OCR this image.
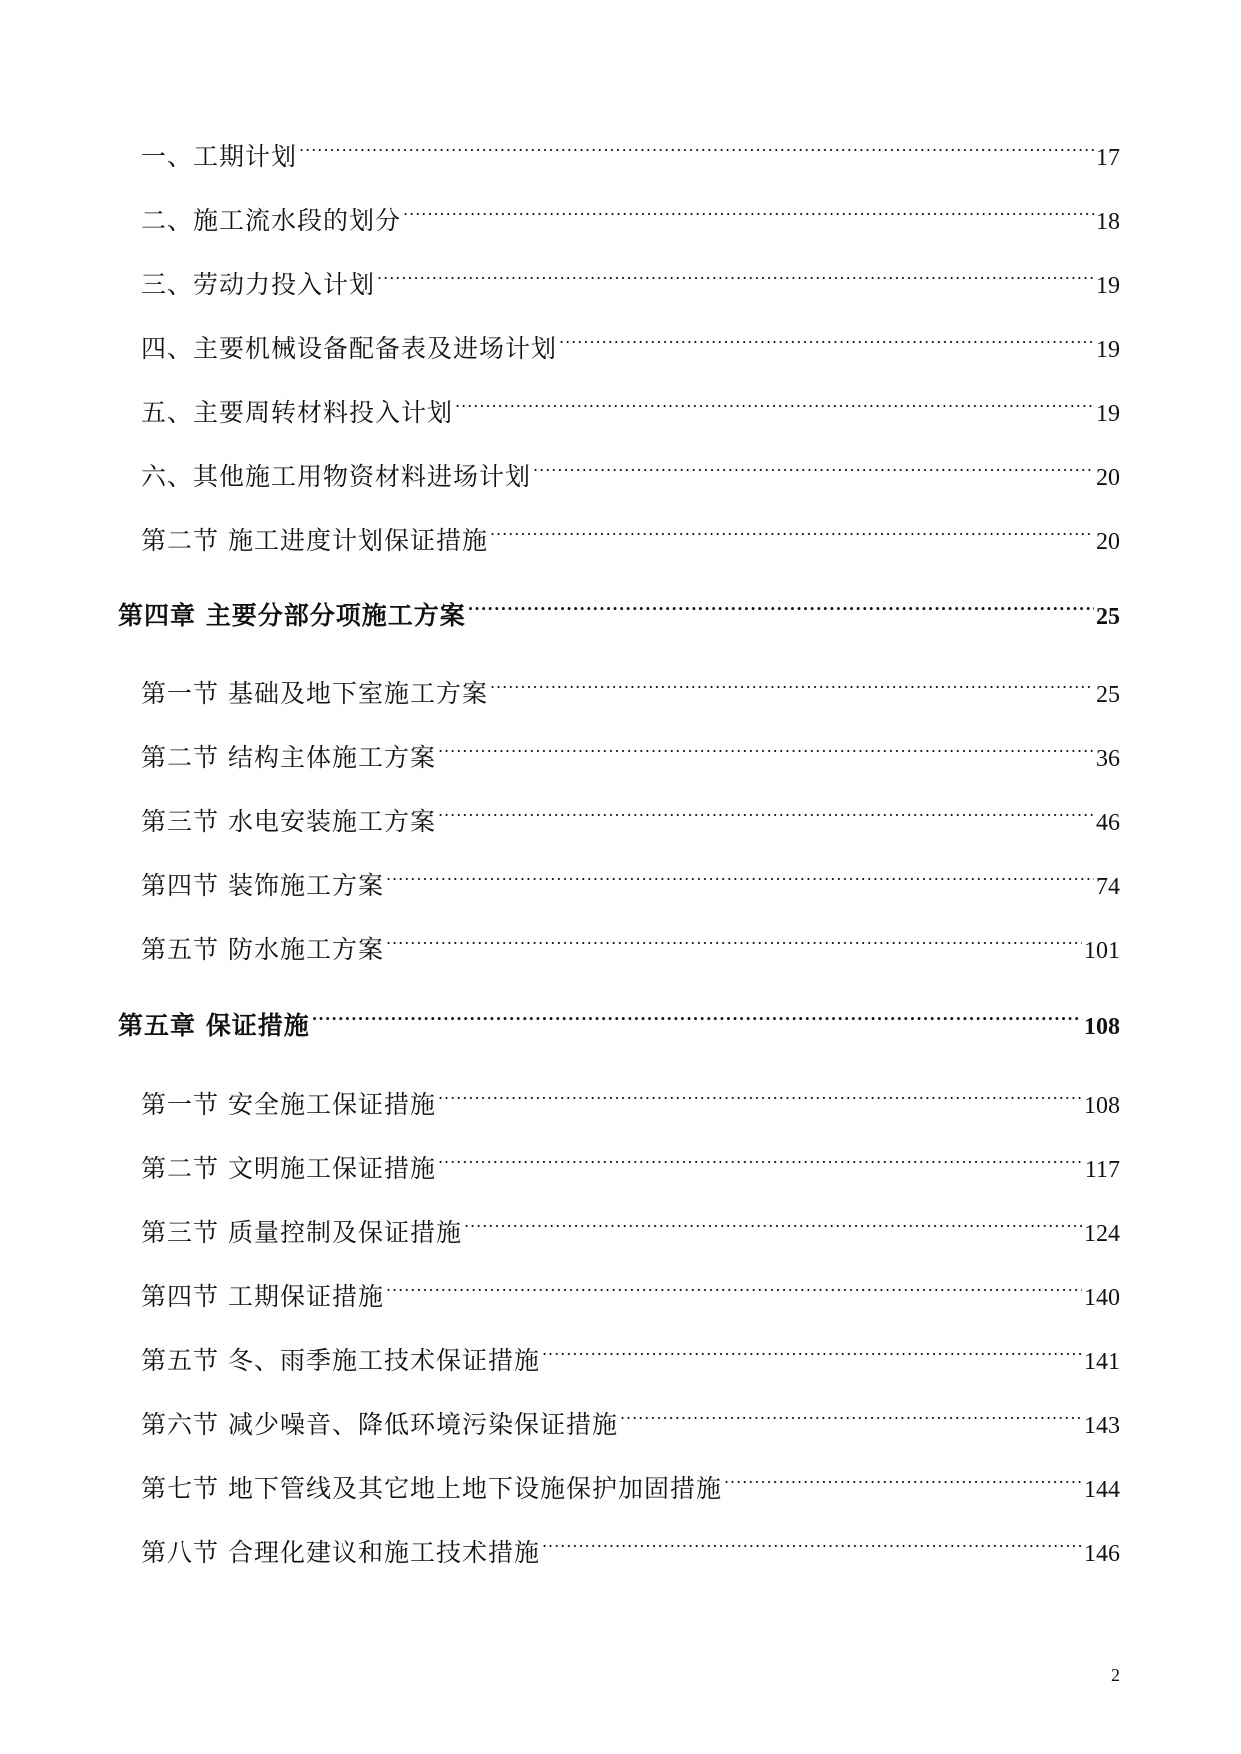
一、工期计划 .....	17
二、施工流水段的划分 .....	18
三、劳动力投入计划 .....	19
四、主要机械设备配备表及进场计划 .....	19
五、主要周转材料投入计划 .....	19
六、其他施工用物资材料进场计划 .....	20
第二节 施工进度计划保证措施 .....	20
第四章 主要分部分项施工方案 .....	25
第一节 基础及地下室施工方案 .....	25
第二节 结构主体施工方案 .....	36
第三节 水电安装施工方案 .....	46
第四节 装饰施工方案 .....	74
第五节 防水施工方案 .....	101
第五章 保证措施 .....	108
第一节 安全施工保证措施 .....	108
第二节 文明施工保证措施 .....	117
第三节 质量控制及保证措施 .....	124
第四节 工期保证措施 .....	140
第五节 冬、雨季施工技术保证措施 .....	141
第六节 减少噪音、降低环境污染保证措施 .....	143
第七节 地下管线及其它地上地下设施保护加固措施 .....	144
第八节 合理化建议和施工技术措施 .....	146
2
